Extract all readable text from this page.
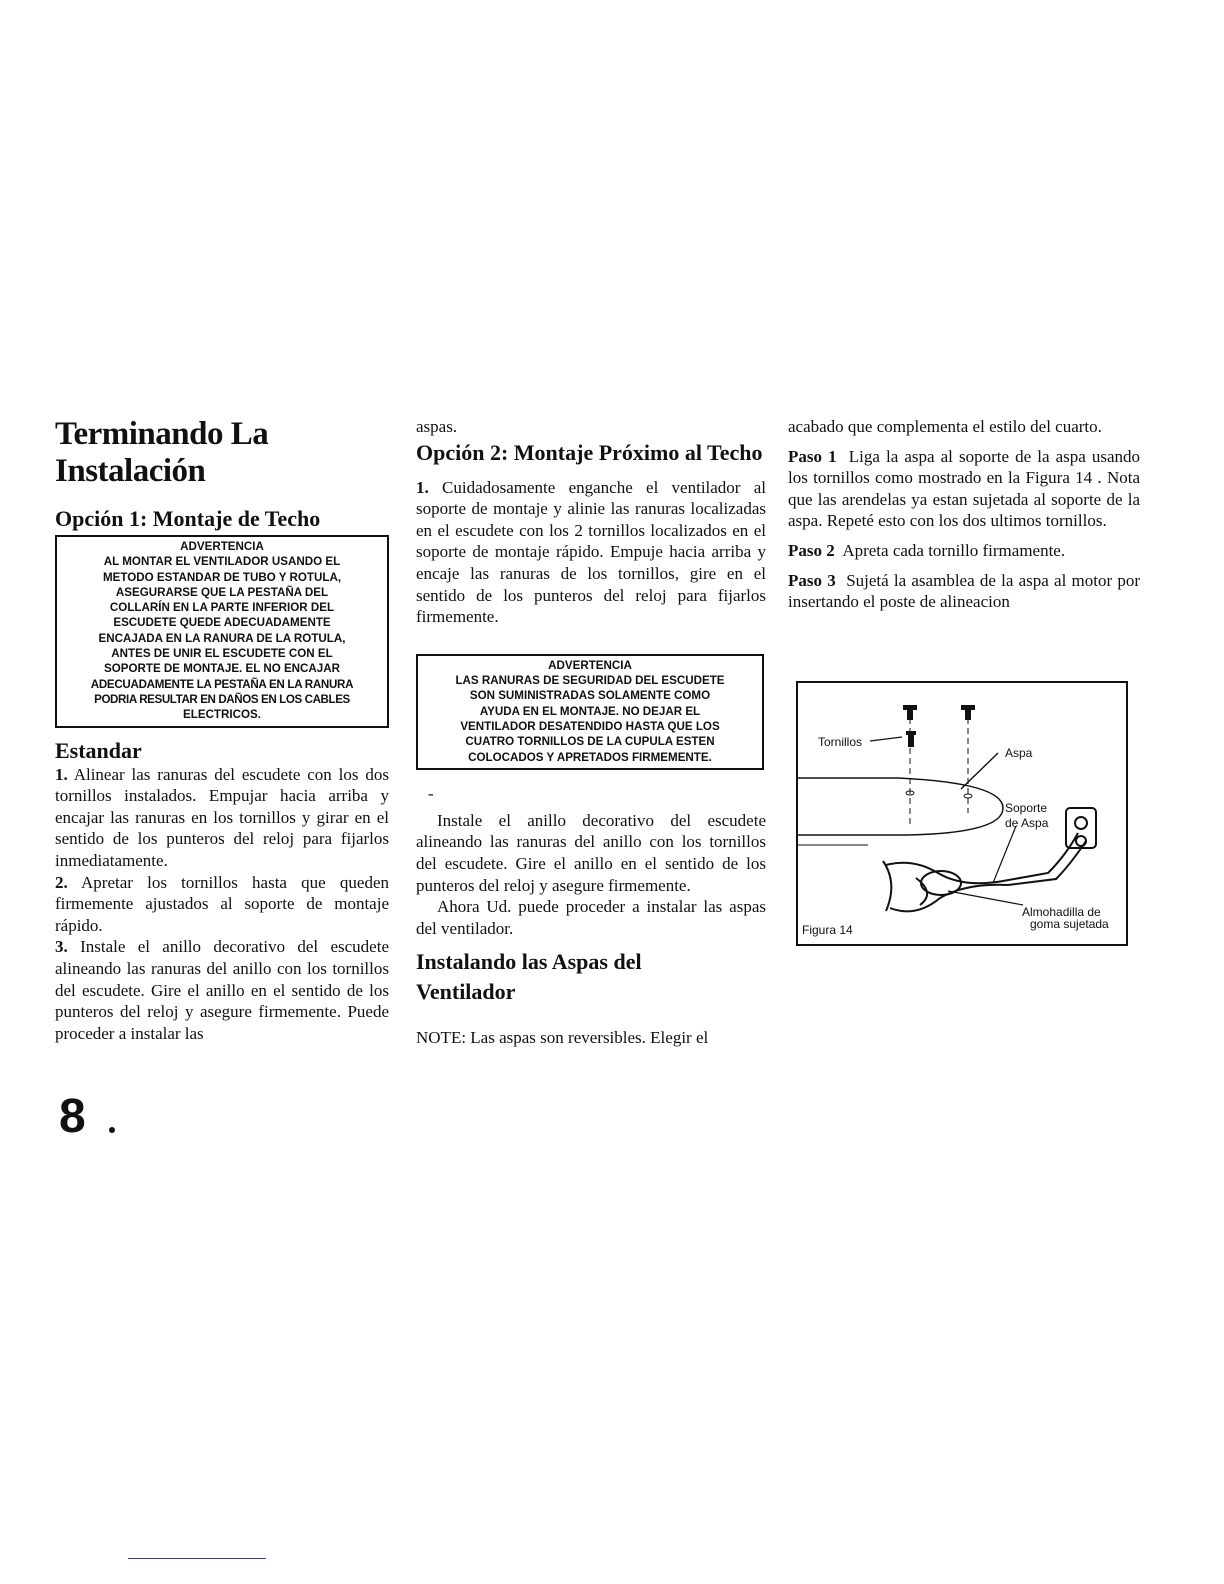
Terminando La
Instalación
Opción 1: Montaje de Techo
ADVERTENCIA
AL MONTAR EL VENTILADOR USANDO EL
METODO ESTANDAR DE TUBO Y ROTULA,
ASEGURARSE QUE LA PESTAÑA DEL
COLLARÍN EN LA PARTE INFERIOR DEL
ESCUDETE QUEDE ADECUADAMENTE
ENCAJADA EN LA RANURA DE LA ROTULA,
ANTES DE UNIR EL ESCUDETE CON EL
SOPORTE DE MONTAJE. EL NO ENCAJAR
ADECUADAMENTE LA PESTAÑA EN LA RANURA
PODRIA RESULTAR EN DAÑOS EN LOS CABLES
ELECTRICOS.
Estandar

1. Alinear las ranuras del escudete con los dos tornillos instalados. Empujar hacia arriba y encajar las ranuras en los tornillos y girar en el sentido de los punteros del reloj para fijarlos inmediatamente.

2. Apretar los tornillos hasta que queden firmemente ajustados al soporte de montaje rápido.

3. Instale el anillo decorativo del escudete alineando las ranuras del anillo con los tornillos del escudete. Gire el anillo en el sentido de los punteros del reloj y asegure firmemente. Puede proceder a instalar las

aspas.

Opción 2: Montaje Próximo al Techo

1. Cuidadosamente enganche el ventilador al soporte de montaje y alinie las ranuras localizadas en el escudete con los 2 tornillos localizados en el soporte de montaje rápido. Empuje hacia arriba y encaje las ranuras de los tornillos, gire en el sentido de los punteros del reloj para fijarlos firmemente.

ADVERTENCIA
LAS RANURAS DE SEGURIDAD DEL ESCUDETE
SON SUMINISTRADAS SOLAMENTE COMO
AYUDA EN EL MONTAJE. NO DEJAR EL
VENTILADOR DESATENDIDO HASTA QUE LOS
CUATRO TORNILLOS DE LA CUPULA ESTEN
COLOCADOS Y APRETADOS FIRMEMENTE.
-

Instale el anillo decorativo del escudete alineando las ranuras del anillo con los tornillos del escudete. Gire el anillo en el sentido de los punteros del reloj y asegure firmemente.

Ahora Ud. puede proceder a instalar las aspas del ventilador.

Instalando las Aspas del Ventilador

NOTE: Las aspas son reversibles. Elegir el

acabado que complementa el estilo del cuarto.

Paso 1 Liga la aspa al soporte de la aspa usando los tornillos como mostrado en la Figura 14 . Nota que las arendelas ya estan sujetada al soporte de la aspa. Repeté esto con los dos ultimos tornillos.

Paso 2 Apreta cada tornillo firmamente.

Paso 3 Sujetá la asamblea de la aspa al motor por insertando el poste de alineacion

Tornillos
Aspa
Soporte
de Aspa
Almohadilla de
goma sujetada
Figura 14
8
